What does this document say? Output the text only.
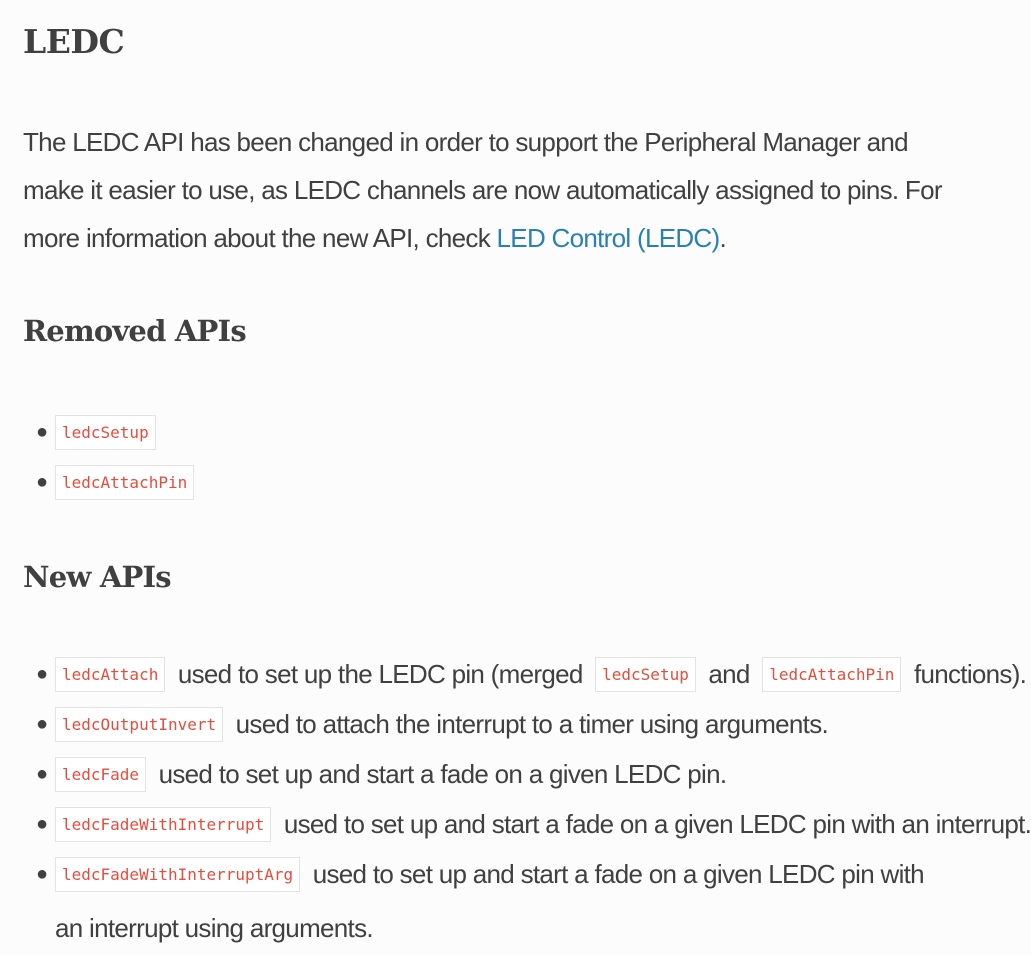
LEDC

The LEDC API has been changed in order to support the Peripheral Manager and make it easier to use, as LEDC channels are now automatically assigned to pins. For more information about the new API, check LED Control (LEDC).

Removed APIs
● ledcSetup
● ledcAttachPin
New APIs
● ledcAttach used to set up the LEDC pin (merged ledcSetup and ledcAttachPin functions).
● ledcOutputInvert used to attach the interrupt to a timer using arguments.
● ledcFade used to set up and start a fade on a given LEDC pin.
● ledcFadeWithInterrupt used to set up and start a fade on a given LEDC pin with an interrupt.
● ledcFadeWithInterruptArg used to set up and start a fade on a given LEDC pin with an interrupt using arguments.
